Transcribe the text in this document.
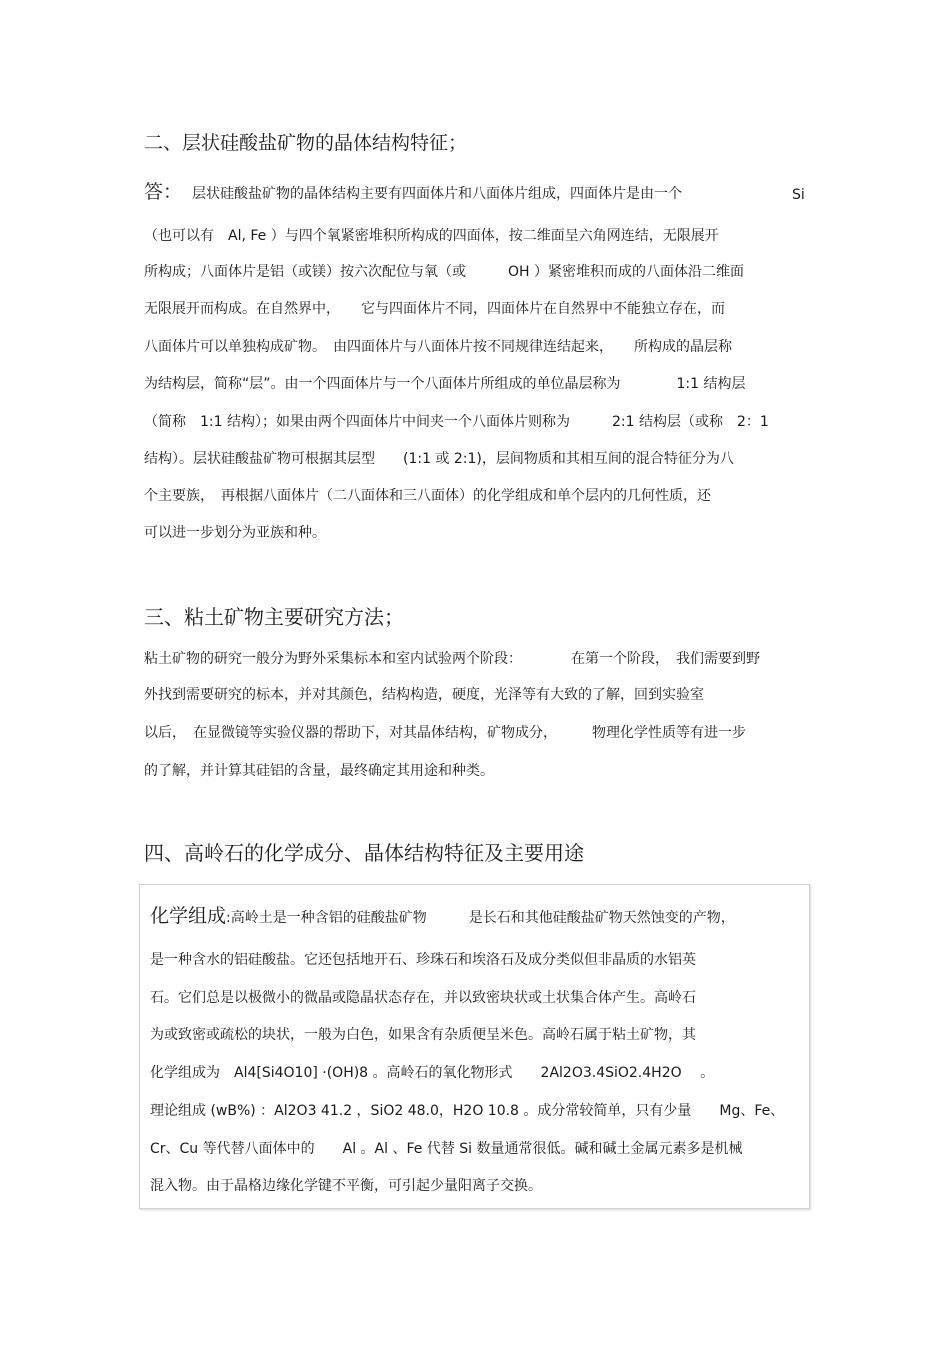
二、层状硅酸盐矿物的晶体结构特征；
答： 层状硅酸盐矿物的晶体结构主要有四面体片和八面体片组成，四面体片是由一个	Si
（也可以有　Al, Fe ）与四个氧紧密堆积所构成的四面体，按二维面呈六角网连结，无限展开
所构成；八面体片是铝（或镁）按六次配位与氧（或　　　OH ）紧密堆积而成的八面体沿二维面
无限展开而构成。在自然界中，　　它与四面体片不同，四面体片在自然界中不能独立存在，而
八面体片可以单独构成矿物。　由四面体片与八面体片按不同规律连结起来，　　所构成的晶层称
为结构层，简称“层”。由一个四面体片与一个八面体片所组成的单位晶层称为　　　　1:1 结构层
（简称　1:1 结构）；如果由两个四面体片中间夹一个八面体片则称为　　　2:1 结构层（或称　2：1
结构）。层状硅酸盐矿物可根据其层型　　(1:1 或 2:1)，层间物质和其相互间的混合特征分为八
个主要族，　再根据八面体片（二八面体和三八面体）的化学组成和单个层内的几何性质，还
可以进一步划分为亚族和种。
三、粘土矿物主要研究方法；
粘土矿物的研究一般分为野外采集标本和室内试验两个阶段：　　　　在第一个阶段，　我们需要到野
外找到需要研究的标本，并对其颜色，结构构造，硬度，光泽等有大致的了解，回到实验室
以后，　在显微镜等实验仪器的帮助下，对其晶体结构，矿物成分，　　　物理化学性质等有进一步
的了解，并计算其硅铝的含量，最终确定其用途和种类。
四、高岭石的化学成分、晶体结构特征及主要用途
化学组成:高岭土是一种含铝的硅酸盐矿物　　　是长石和其他硅酸盐矿物天然蚀变的产物，
是一种含水的铝硅酸盐。它还包括地开石、珍珠石和埃洛石及成分类似但非晶质的水铝英
石。它们总是以极微小的微晶或隐晶状态存在，并以致密块状或土状集合体产生。高岭石
为或致密或疏松的块状，一般为白色，如果含有杂质便呈米色。高岭石属于粘土矿物，其
化学组成为　Al4[Si4O10] ·(OH)8 。高岭石的氧化物形式　　2Al2O3.4SiO2.4H2O　 。
理论组成 (wB%) ：Al2O3 41.2 ，SiO2 48.0，H2O 10.8 。成分常较简单，只有少量　　Mg、Fe、
Cr、Cu 等代替八面体中的　　Al 。Al 、Fe 代替 Si 数量通常很低。碱和碱土金属元素多是机械
混入物。由于晶格边缘化学键不平衡，可引起少量阳离子交换。
